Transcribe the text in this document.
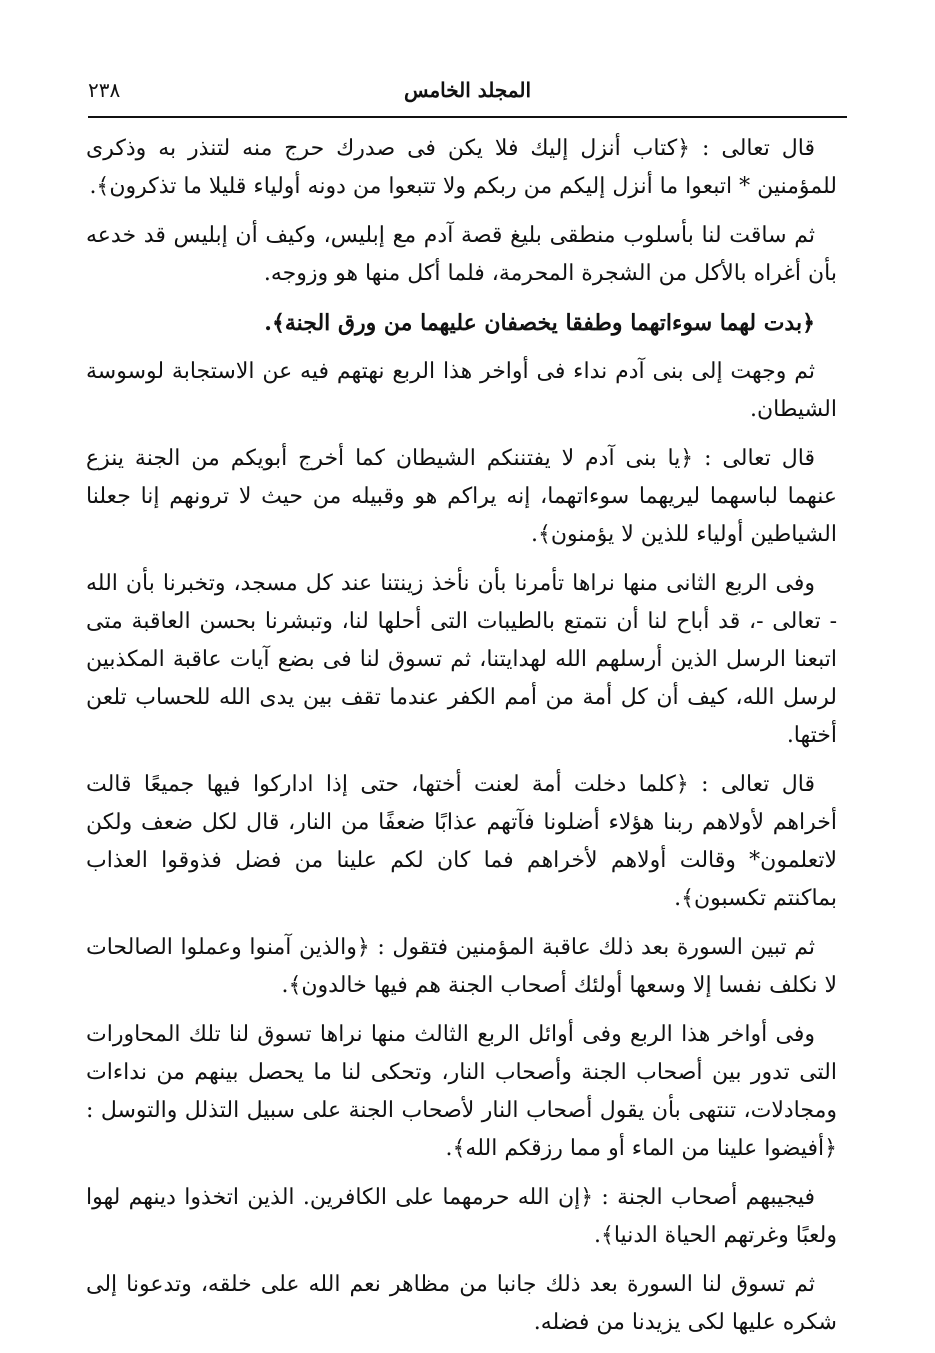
٢٣٨	المجلد الخامس

قال تعالى : ﴿كتاب أنزل إليك فلا يكن فى صدرك حرج منه لتنذر به وذكرى للمؤمنين * اتبعوا ما أنزل إليكم من ربكم ولا تتبعوا من دونه أولياء قليلا ما تذكرون﴾.

ثم ساقت لنا بأسلوب منطقى بليغ قصة آدم مع إبليس، وكيف أن إبليس قد خدعه بأن أغراه بالأكل من الشجرة المحرمة، فلما أكل منها هو وزوجه.

﴿بدت لهما سوءاتهما وطفقا يخصفان عليهما من ورق الجنة﴾.

ثم وجهت إلى بنى آدم نداء فى أواخر هذا الربع نهتهم فيه عن الاستجابة لوسوسة الشيطان.

قال تعالى : ﴿يا بنى آدم لا يفتننكم الشيطان كما أخرج أبويكم من الجنة ينزع عنهما لباسهما ليريهما سوءاتهما، إنه يراكم هو وقبيله من حيث لا ترونهم إنا جعلنا الشياطين أولياء للذين لا يؤمنون﴾.

وفى الربع الثانى منها نراها تأمرنا بأن نأخذ زينتنا عند كل مسجد، وتخبرنا بأن الله - تعالى -، قد أباح لنا أن نتمتع بالطيبات التى أحلها لنا، وتبشرنا بحسن العاقبة متى اتبعنا الرسل الذين أرسلهم الله لهدايتنا، ثم تسوق لنا فى بضع آيات عاقبة المكذبين لرسل الله، كيف أن كل أمة من أمم الكفر عندما تقف بين يدى الله للحساب تلعن أختها.

قال تعالى : ﴿كلما دخلت أمة لعنت أختها، حتى إذا اداركوا فيها جميعًا قالت أخراهم لأولاهم ربنا هؤلاء أضلونا فآتهم عذابًا ضعفًا من النار، قال لكل ضعف ولكن لاتعلمون* وقالت أولاهم لأخراهم فما كان لكم علينا من فضل فذوقوا العذاب بماكنتم تكسبون﴾.

ثم تبين السورة بعد ذلك عاقبة المؤمنين فتقول : ﴿والذين آمنوا وعملوا الصالحات لا نكلف نفسا إلا وسعها أولئك أصحاب الجنة هم فيها خالدون﴾.

وفى أواخر هذا الربع وفى أوائل الربع الثالث منها نراها تسوق لنا تلك المحاورات التى تدور بين أصحاب الجنة وأصحاب النار، وتحكى لنا ما يحصل بينهم من نداءات ومجادلات، تنتهى بأن يقول أصحاب النار لأصحاب الجنة على سبيل التذلل والتوسل : ﴿أفيضوا علينا من الماء أو مما رزقكم الله﴾.

فيجيبهم أصحاب الجنة : ﴿إن الله حرمهما على الكافرين. الذين اتخذوا دينهم لهوا ولعبًا وغرتهم الحياة الدنيا﴾.

ثم تسوق لنا السورة بعد ذلك جانبا من مظاهر نعم الله على خلقه، وتدعونا إلى شكره عليها لكى يزيدنا من فضله.
